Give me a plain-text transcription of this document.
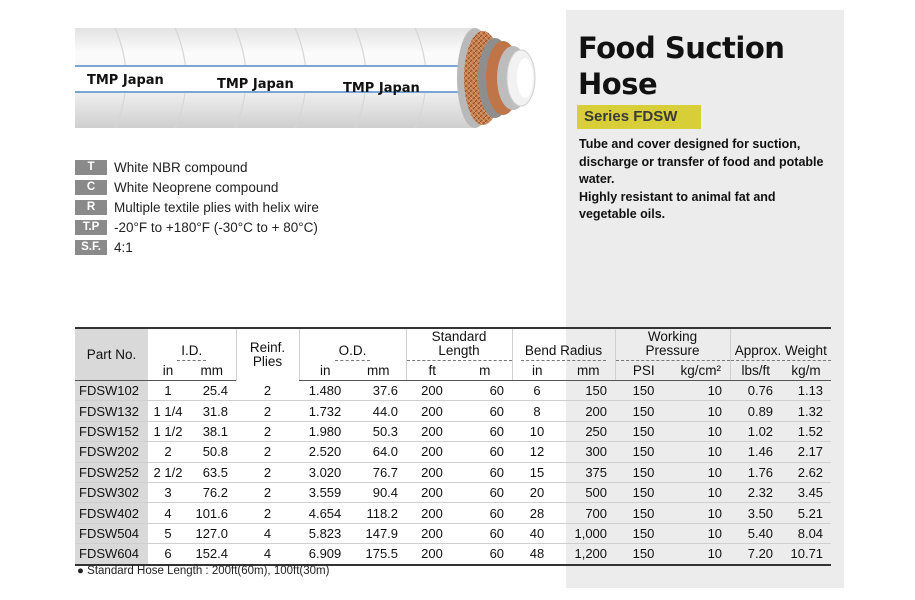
Food Suction Hose
Series FDSW

Tube and cover designed for suction, discharge or transfer of food and potable water.

Highly resistant to animal fat and vegetable oils.

TMP Japan	TMP Japan	TMP Japan
T	White NBR compound
C	White Neoprene compound
R	Multiple textile plies with helix wire
T.P	-20°F to +180°F (-30°C to + 80°C)
S.F. 4:1
Part No.	I.D.		Reinf. Plies	O.D.		Standard Length		Bend Radius		Working Pressure		Approx. Weight	
	in	mm		in	mm	ft	m	in	mm	PSI	kg/cm²	lbs/ft	kg/m
FDSW102	1	25.4	2	1.480	37.6	200	60	6	150	150	10	0.76	1.13
FDSW132	1 1/4	31.8	2	1.732	44.0	200	60	8	200	150	10	0.89	1.32
FDSW152	1 1/2	38.1	2	1.980	50.3	200	60	10	250	150	10	1.02	1.52
FDSW202	2	50.8	2	2.520	64.0	200	60	12	300	150	10	1.46	2.17
FDSW252	2 1/2	63.5	2	3.020	76.7	200	60	15	375	150	10	1.76	2.62
FDSW302	3	76.2	2	3.559	90.4	200	60	20	500	150	10	2.32	3.45
FDSW402	4	101.6	2	4.654	118.2	200	60	28	700	150	10	3.50	5.21
FDSW504	5	127.0	4	5.823	147.9	200	60	40	1,000	150	10	5.40	8.04
FDSW604	6	152.4	4	6.909	175.5	200	60	48	1,200	150	10	7.20	10.71
● Standard Hose Length : 200ft(60m), 100ft(30m)
